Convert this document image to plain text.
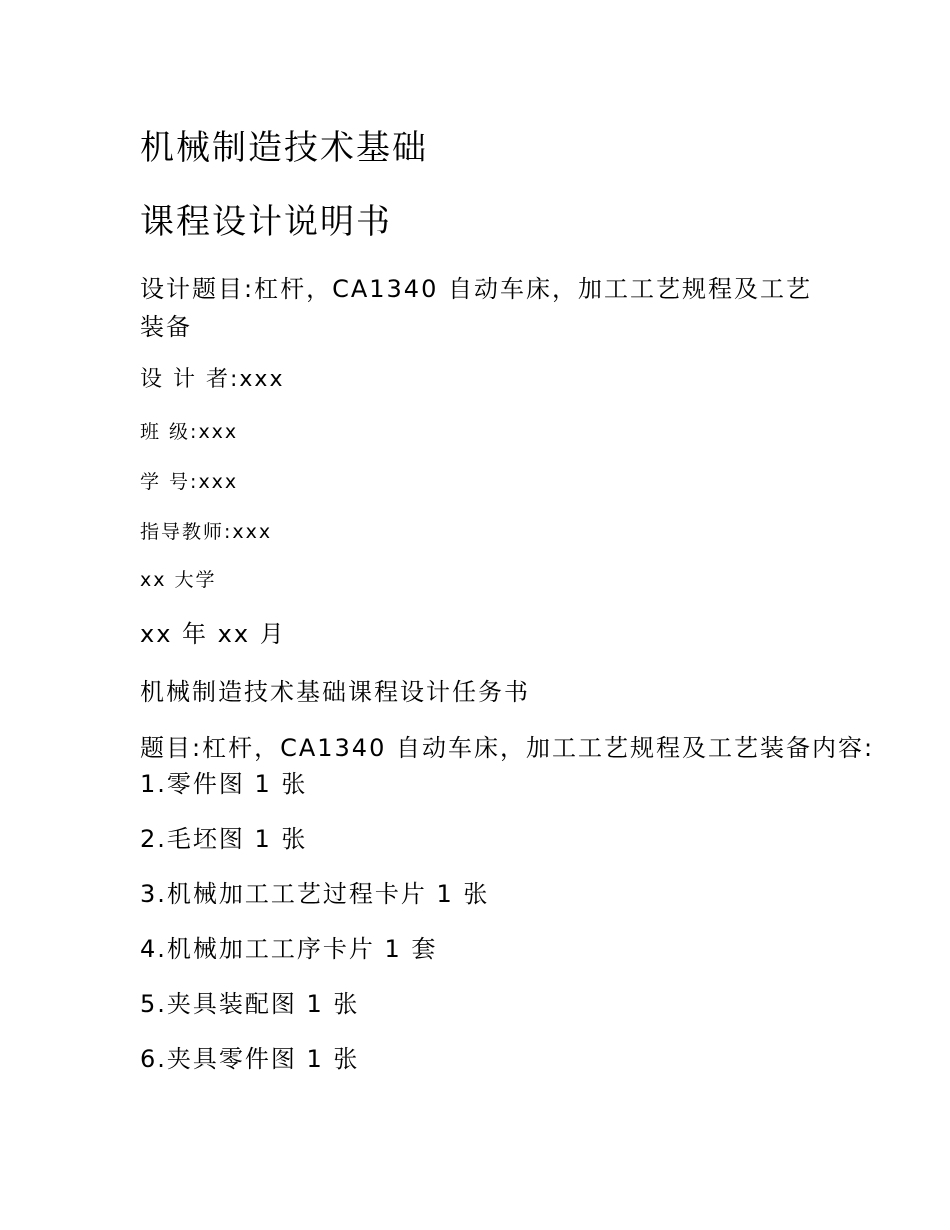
机械制造技术基础
课程设计说明书

设计题目:杠杆，CA1340 自动车床，加工工艺规程及工艺装备

设 计 者:xxx

班 级:xxx

学 号:xxx

指导教师:xxx

xx 大学

xx 年 xx 月

机械制造技术基础课程设计任务书

题目:杠杆，CA1340 自动车床，加工工艺规程及工艺装备内容:

1.零件图 1 张

2.毛坯图 1 张

3.机械加工工艺过程卡片 1 张

4.机械加工工序卡片 1 套

5.夹具装配图 1 张

6.夹具零件图 1 张
